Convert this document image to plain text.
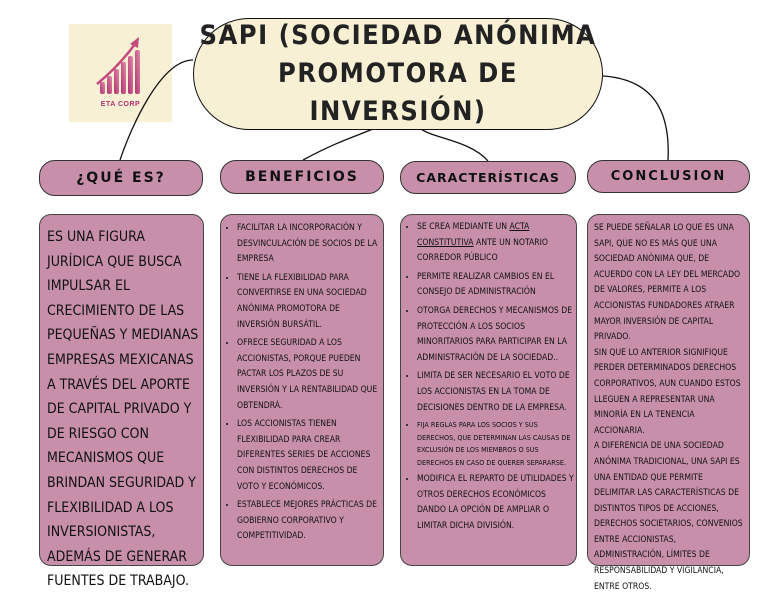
ETA CORP
SAPI (SOCIEDAD ANÓNIMA
PROMOTORA DE INVERSIÓN)
¿QUÉ ES?	BENEFICIOS	CARACTERÍSTICAS	CONCLUSION

ES UNA FIGURA JURÍDICA QUE BUSCA IMPULSAR EL CRECIMIENTO DE LAS PEQUEÑAS Y MEDIANAS EMPRESAS MEXICANAS A TRAVÉS DEL APORTE DE CAPITAL PRIVADO Y DE RIESGO CON MECANISMOS QUE BRINDAN SEGURIDAD Y FLEXIBILIDAD A LOS INVERSIONISTAS, ADEMÁS DE GENERAR FUENTES DE TRABAJO.

• FACILITAR LA INCORPORACIÓN Y DESVINCULACIÓN DE SOCIOS DE LA EMPRESA
• TIENE LA FLEXIBILIDAD PARA CONVERTIRSE EN UNA SOCIEDAD ANÓNIMA PROMOTORA DE INVERSIÓN BURSÁTIL.
• OFRECE SEGURIDAD A LOS ACCIONISTAS, PORQUE PUEDEN PACTAR LOS PLAZOS DE SU INVERSIÓN Y LA RENTABILIDAD QUE OBTENDRÁ.
• LOS ACCIONISTAS TIENEN FLEXIBILIDAD PARA CREAR DIFERENTES SERIES DE ACCIONES CON DISTINTOS DERECHOS DE VOTO Y ECONÓMICOS.
• ESTABLECE MEJORES PRÁCTICAS DE GOBIERNO CORPORATIVO Y COMPETITIVIDAD.
• SE CREA MEDIANTE UN ACTA CONSTITUTIVA ANTE UN NOTARIO CORREDOR PÚBLICO
• PERMITE REALIZAR CAMBIOS EN EL CONSEJO DE ADMINISTRACIÓN
• OTORGA DERECHOS Y MECANISMOS DE PROTECCIÓN A LOS SOCIOS MINORITARIOS PARA PARTICIPAR EN LA ADMINISTRACIÓN DE LA SOCIEDAD..
• LIMITA DE SER NECESARIO EL VOTO DE LOS ACCIONISTAS EN LA TOMA DE DECISIONES DENTRO DE LA EMPRESA.
• FIJA REGLAS PARA LOS SOCIOS Y SUS DERECHOS, QUE DETERMINAN LAS CAUSAS DE EXCLUSIÓN DE LOS MIEMBROS O SUS DERECHOS EN CASO DE QUERER SEPARARSE.
• MODIFICA EL REPARTO DE UTILIDADES Y OTROS DERECHOS ECONÓMICOS DANDO LA OPCIÓN DE AMPLIAR O LIMITAR DICHA DIVISIÓN.

SE PUEDE SEÑALAR LO QUE ES UNA SAPI, QUE NO ES MÁS QUE UNA SOCIEDAD ANÓNIMA QUE, DE ACUERDO CON LA LEY DEL MERCADO DE VALORES, PERMITE A LOS ACCIONISTAS FUNDADORES ATRAER MAYOR INVERSIÓN DE CAPITAL PRIVADO.

SIN QUE LO ANTERIOR SIGNIFIQUE PERDER DETERMINADOS DERECHOS CORPORATIVOS, AUN CUANDO ESTOS LLEGUEN A REPRESENTAR UNA MINORÍA EN LA TENENCIA ACCIONARIA.

A DIFERENCIA DE UNA SOCIEDAD ANÓNIMA TRADICIONAL, UNA SAPI ES UNA ENTIDAD QUE PERMITE DELIMITAR LAS CARACTERÍSTICAS DE DISTINTOS TIPOS DE ACCIONES, DERECHOS SOCIETARIOS, CONVENIOS ENTRE ACCIONISTAS, ADMINISTRACIÓN, LÍMITES DE RESPONSABILIDAD Y VIGILANCIA, ENTRE OTROS.
